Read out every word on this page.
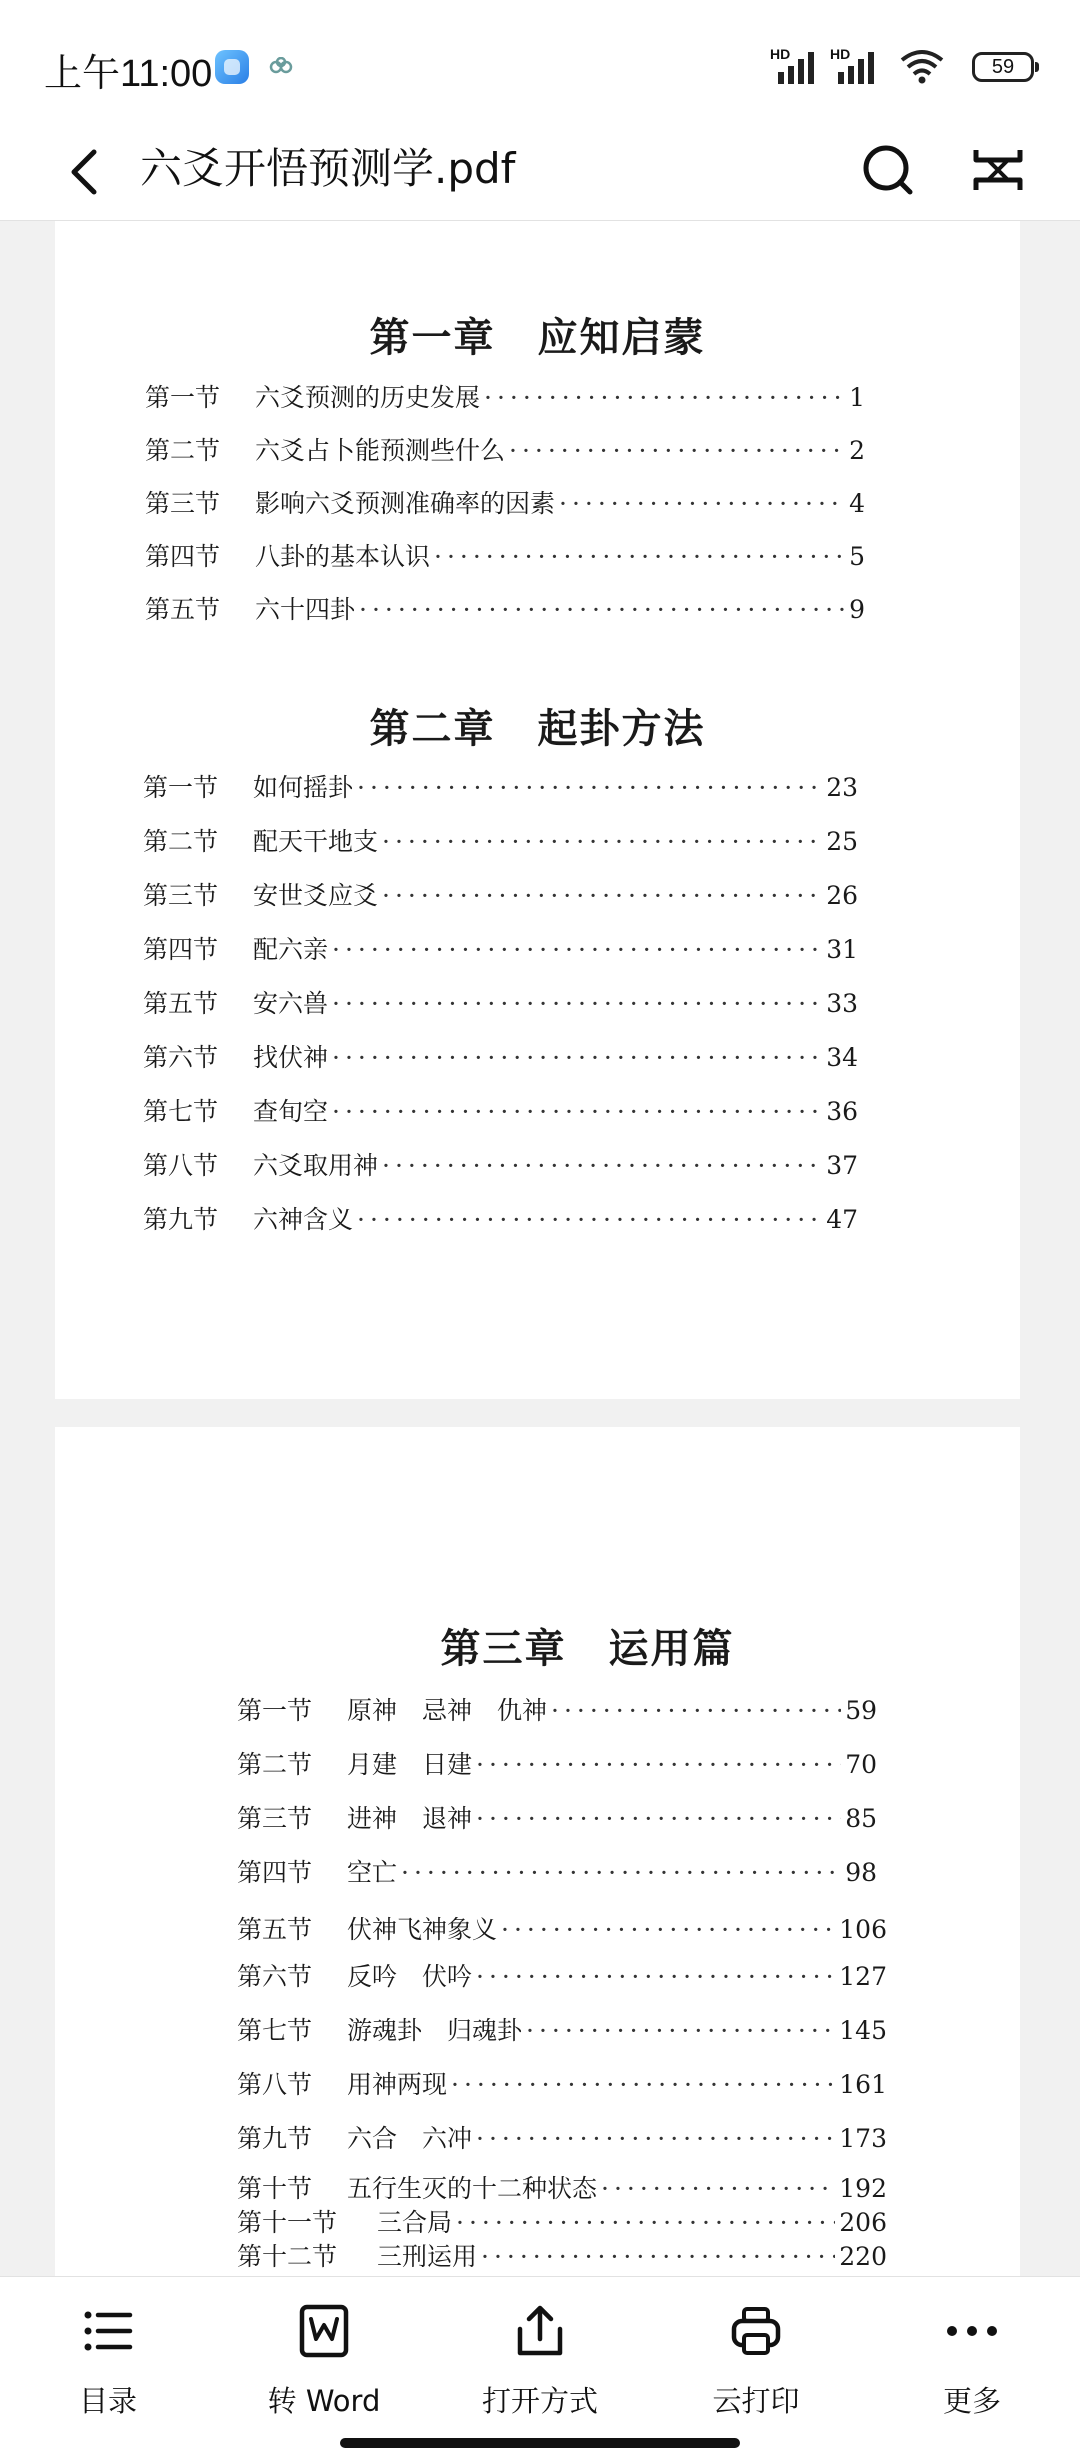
上午11:00	HD	HD
59
六爻开悟预测学.pdf
第一章　应知启蒙
第一节	六爻预测的历史发展 ·····	1
第二节	六爻占卜能预测些什么 ·····	2
第三节	影响六爻预测准确率的因素 ·····	4
第四节	八卦的基本认识 ·····	5
第五节	六十四卦 ·····	9
第二章　起卦方法
第一节	如何摇卦 ·····	23
第二节	配天干地支 ·····	25
第三节	安世爻应爻 ·····	26
第四节	配六亲 ·····	31
第五节	安六兽 ·····	33
第六节	找伏神 ·····	34
第七节	查旬空 ·····	36
第八节	六爻取用神 ·····	37
第九节	六神含义 ·····	47
第三章　运用篇
第一节	原神　忌神　仇神 ·····	59
第二节	月建　日建 ·····	70
第三节	进神　退神 ·····	85
第四节	空亡 ·····	98
第五节	伏神飞神象义 ·····	106
第六节	反吟　伏吟 ·····	127
第七节	游魂卦　归魂卦 ·····	145
第八节	用神两现 ·····	161
第九节	六合　六冲 ·····	173
第十节	五行生灭的十二种状态 ·····	192
第十一节	三合局 ·····	206
第十二节	三刑运用 ·····	220
目录	转 Word	打开方式	云打印	更多
